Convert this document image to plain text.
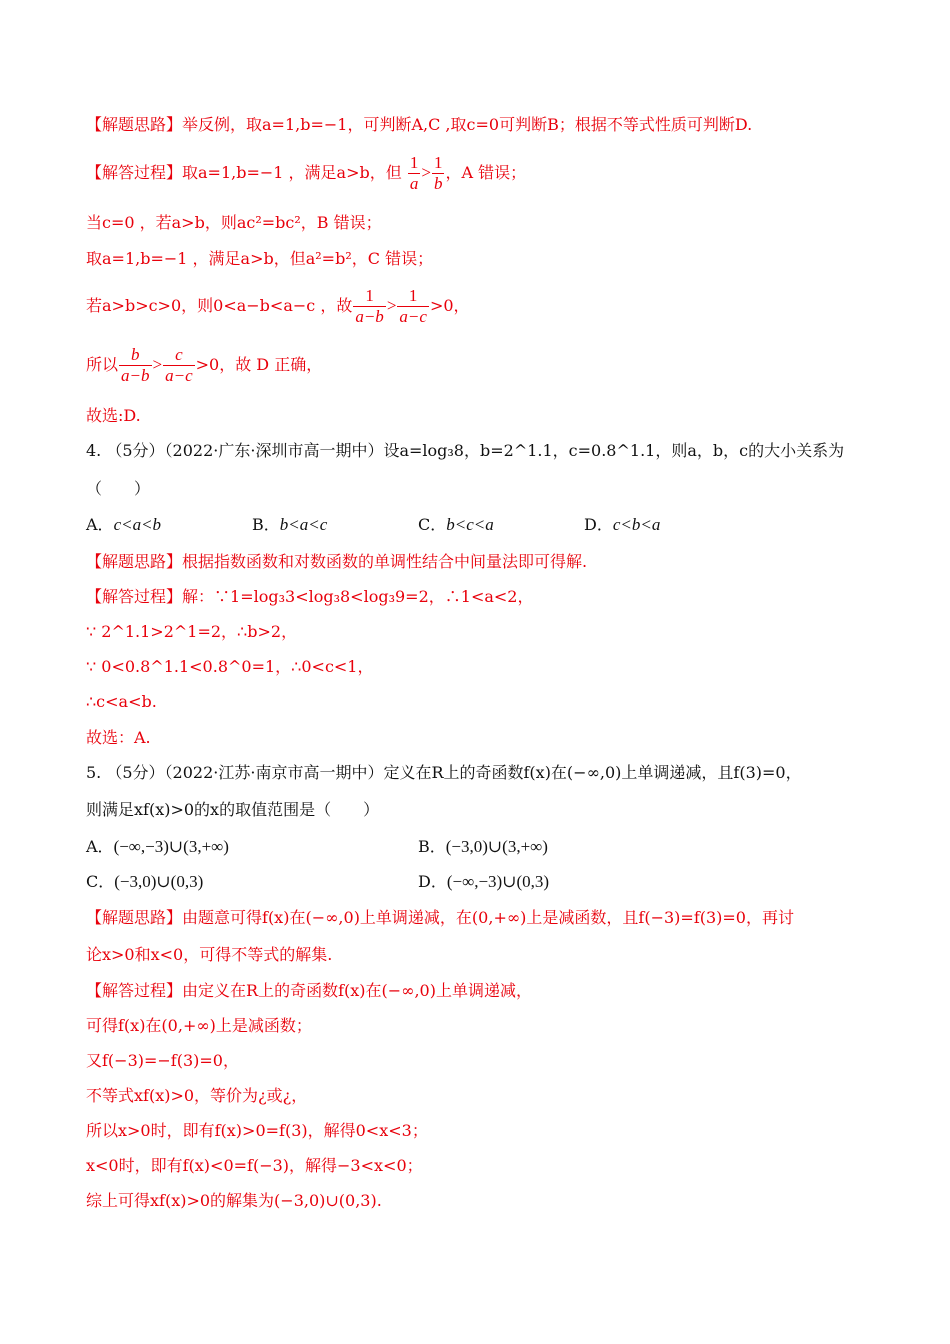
【解题思路】举反例，取a=1,b=−1，可判断A,C ,取c=0可判断B；根据不等式性质可判断D.
【解答过程】取a=1,b=−1 ，满足a>b，但 $\frac{1}{a} > \frac{1}{b}$ ，A 错误；
当c=0 ，若a>b，则ac²=bc²，B 错误；
取a=1,b=−1 ，满足a>b，但a²=b²，C 错误；
若a>b>c>0，则0<a−b<a−c ，故 $\frac{1}{a-b} > \frac{1}{a-c} >0$，
所以 $\frac{b}{a-b} > \frac{c}{a-c} >0$，故 D 正确，
故选:D.
4. （5分）（2022·广东·深圳市高一期中）设a=log₃8，b=2^1.1，c=0.8^1.1，则a，b，c的大小关系为
（　　）
A．c<a<b	B．b<a<c	C．b<c<a	D．c<b<a
【解题思路】根据指数函数和对数函数的单调性结合中间量法即可得解.
【解答过程】解：∵1=log₃3<log₃8<log₃9=2，∴1<a<2，
∵ 2^1.1>2^1=2，∴b>2，
∵ 0<0.8^1.1<0.8^0=1，∴0<c<1，
∴c<a<b.
故选：A.
5. （5分）（2022·江苏·南京市高一期中）定义在R上的奇函数f(x)在(−∞,0)上单调递减，且f(3)=0，
则满足xf(x)>0的x的取值范围是（　　）
A．(−∞,−3)∪(3,+∞)	B．(−3,0)∪(3,+∞)
C．(−3,0)∪(0,3)	D．(−∞,−3)∪(0,3)
【解题思路】由题意可得f(x)在(−∞,0)上单调递减，在(0,+∞)上是减函数，且f(−3)=f(3)=0，再讨
论x>0和x<0，可得不等式的解集.
【解答过程】由定义在R上的奇函数f(x)在(−∞,0)上单调递减，
可得f(x)在(0,+∞)上是减函数；
又f(−3)=−f(3)=0，
不等式xf(x)>0，等价为¿或¿，
所以x>0时，即有f(x)>0=f(3)，解得0<x<3；
x<0时，即有f(x)<0=f(−3)，解得−3<x<0；
综上可得xf(x)>0的解集为(−3,0)∪(0,3).
